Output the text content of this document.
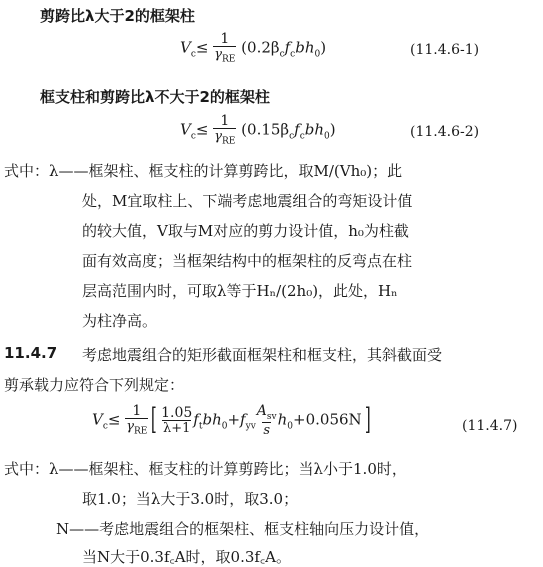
剪跨比λ大于2的框架柱
$V_c\le \frac{1}{\gamma_{RE}} (0.2\beta_cf_cbh_0)$	(11.4.6-1)
框支柱和剪跨比λ不大于2的框架柱
$V_c\le \frac{1}{\gamma_{RE}} (0.15\beta_cf_cbh_0)$	(11.4.6-2)
式中：λ——框架柱、框支柱的计算剪跨比，取M/(Vh₀)；此
处，M宜取柱上、下端考虑地震组合的弯矩设计值
的较大值，V取与M对应的剪力设计值，h₀为柱截
面有效高度；当框架结构中的框架柱的反弯点在柱
层高范围内时，可取λ等于Hₙ/(2h₀)，此处，Hₙ
为柱净高。
11.4.7 考虑地震组合的矩形截面框架柱和框支柱，其斜截面受
剪承载力应符合下列规定：
$V_c\le \frac{1}{\gamma_{RE}}$ [ $\frac{1.05}{\lambda+1} f_tbh_0+f_{yv} \frac{A_{sv}}{s} h_0+0.056N$]	(11.4.7)
式中：λ——框架柱、框支柱的计算剪跨比；当λ小于1.0时，
取1.0；当λ大于3.0时，取3.0；
N——考虑地震组合的框架柱、框支柱轴向压力设计值，
当N大于0.3f꜀A时，取0.3f꜀A。
